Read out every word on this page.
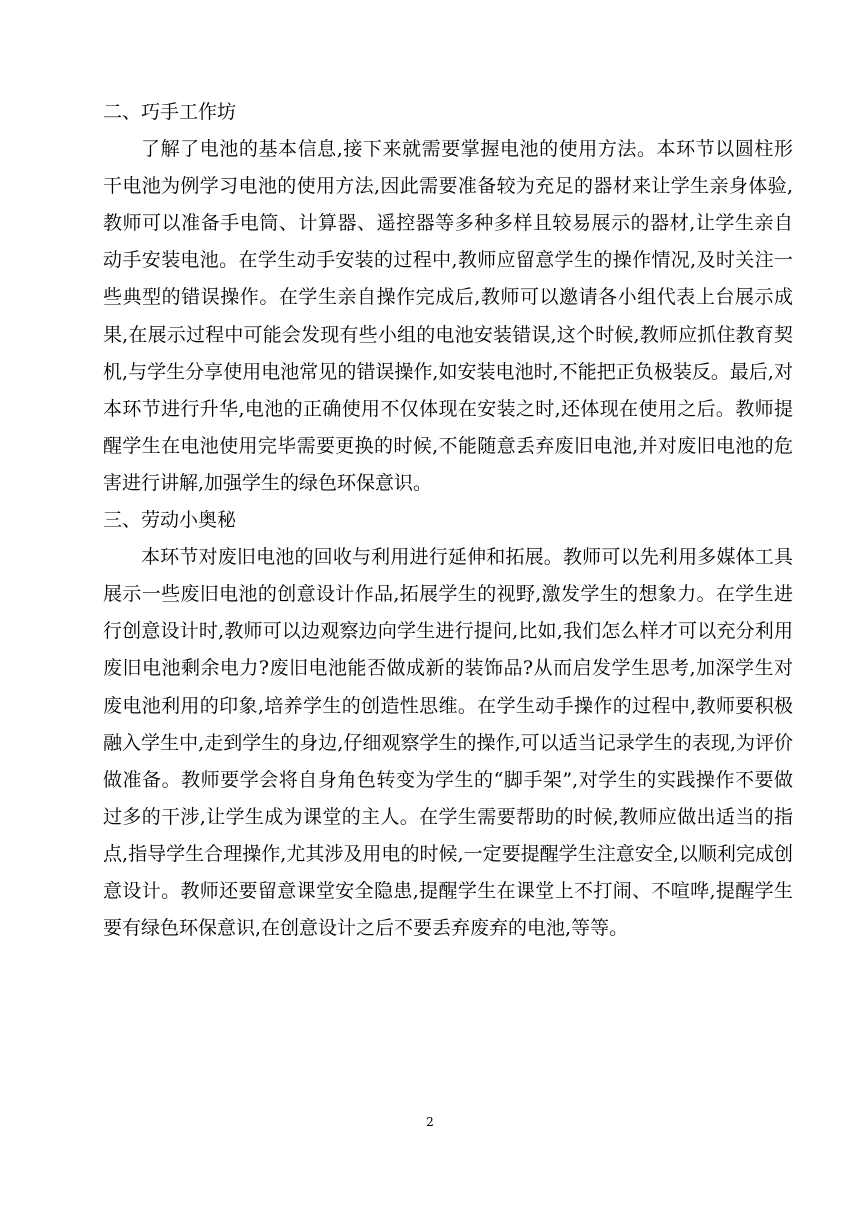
二、巧手工作坊

了解了电池的基本信息,接下来就需要掌握电池的使用方法。本环节以圆柱形干电池为例学习电池的使用方法,因此需要准备较为充足的器材来让学生亲身体验,教师可以准备手电筒、计算器、遥控器等多种多样且较易展示的器材,让学生亲自动手安装电池。在学生动手安装的过程中,教师应留意学生的操作情况,及时关注一些典型的错误操作。在学生亲自操作完成后,教师可以邀请各小组代表上台展示成果,在展示过程中可能会发现有些小组的电池安装错误,这个时候,教师应抓住教育契机,与学生分享使用电池常见的错误操作,如安装电池时,不能把正负极装反。最后,对本环节进行升华,电池的正确使用不仅体现在安装之时,还体现在使用之后。教师提醒学生在电池使用完毕需要更换的时候,不能随意丢弃废旧电池,并对废旧电池的危害进行讲解,加强学生的绿色环保意识。

三、劳动小奥秘

本环节对废旧电池的回收与利用进行延伸和拓展。教师可以先利用多媒体工具展示一些废旧电池的创意设计作品,拓展学生的视野,激发学生的想象力。在学生进行创意设计时,教师可以边观察边向学生进行提问,比如,我们怎么样才可以充分利用废旧电池剩余电力?废旧电池能否做成新的装饰品?从而启发学生思考,加深学生对废电池利用的印象,培养学生的创造性思维。在学生动手操作的过程中,教师要积极融入学生中,走到学生的身边,仔细观察学生的操作,可以适当记录学生的表现,为评价做准备。教师要学会将自身角色转变为学生的“脚手架”,对学生的实践操作不要做过多的干涉,让学生成为课堂的主人。在学生需要帮助的时候,教师应做出适当的指点,指导学生合理操作,尤其涉及用电的时候,一定要提醒学生注意安全,以顺利完成创意设计。教师还要留意课堂安全隐患,提醒学生在课堂上不打闹、不喧哗,提醒学生要有绿色环保意识,在创意设计之后不要丢弃废弃的电池,等等。

2
